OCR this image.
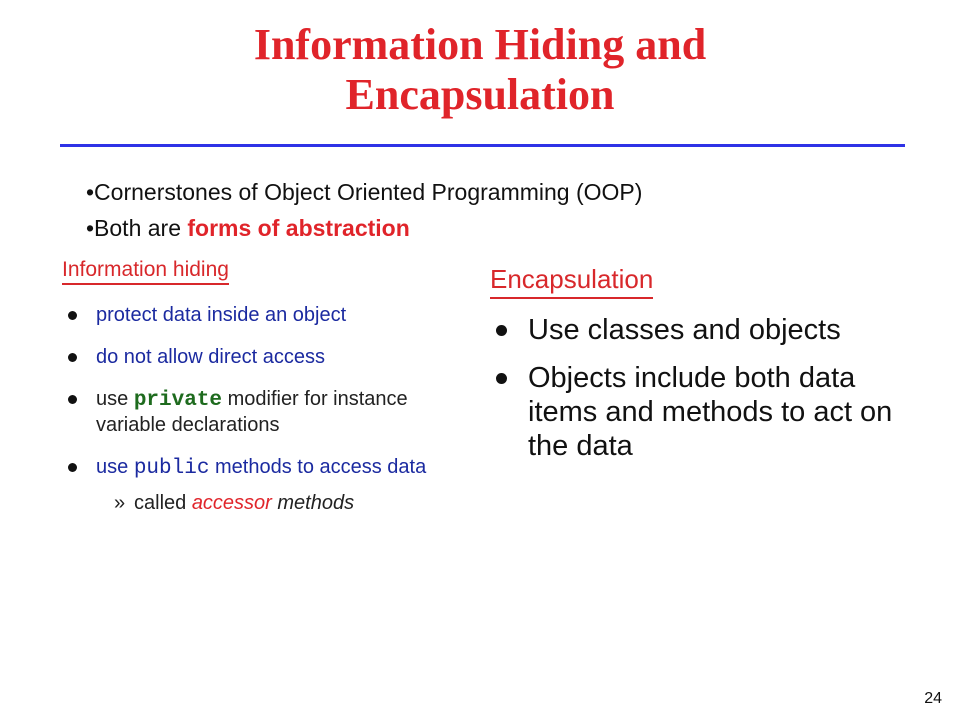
Information Hiding and
Encapsulation
•Cornerstones of Object Oriented Programming (OOP)
•Both are forms of abstraction
Information hiding
protect data inside an object
do not allow direct access
use private modifier for instance variable declarations
use public methods to access data
» called accessor methods
Encapsulation
Use classes and objects
Objects include both data items and methods to act on the data
24
